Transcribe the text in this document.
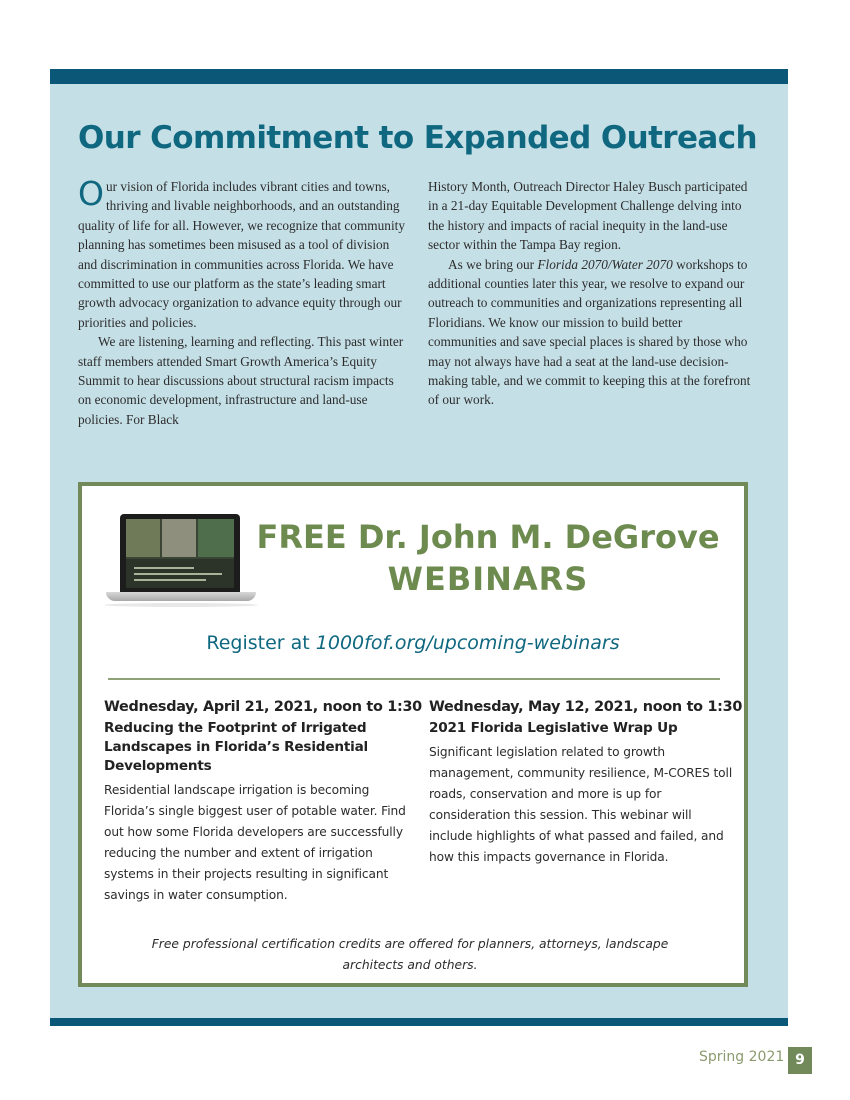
Our Commitment to Expanded Outreach

Our vision of Florida includes vibrant cities and towns, thriving and livable neighborhoods, and an outstanding quality of life for all. However, we recognize that community planning has sometimes been misused as a tool of division and discrimination in communities across Florida. We have committed to use our platform as the state’s leading smart growth advocacy organization to advance equity through our priorities and policies.

We are listening, learning and reflecting. This past winter staff members attended Smart Growth America’s Equity Summit to hear discussions about structural racism impacts on economic development, infrastructure and land-use policies. For Black

History Month, Outreach Director Haley Busch participated in a 21-day Equitable Development Challenge delving into the history and impacts of racial inequity in the land-use sector within the Tampa Bay region.

As we bring our Florida 2070/Water 2070 workshops to additional counties later this year, we resolve to expand our outreach to communities and organizations representing all Floridians. We know our mission to build better communities and save special places is shared by those who may not always have had a seat at the land-use decision-making table, and we commit to keeping this at the forefront of our work.

FREE Dr. John M. DeGrove
WEBINARS
Register at 1000fof.org/upcoming-webinars
Wednesday, April 21, 2021, noon to 1:30
Reducing the Footprint of Irrigated Landscapes in Florida’s Residential Developments
Residential landscape irrigation is becoming Florida’s single biggest user of potable water. Find out how some Florida developers are successfully reducing the number and extent of irrigation systems in their projects resulting in significant savings in water consumption.
Wednesday, May 12, 2021, noon to 1:30
2021 Florida Legislative Wrap Up
Significant legislation related to growth management, community resilience, M-CORES toll roads, conservation and more is up for consideration this session. This webinar will include highlights of what passed and failed, and how this impacts governance in Florida.
Free professional certification credits are offered for planners, attorneys, landscape architects and others.
Spring 2021 9
